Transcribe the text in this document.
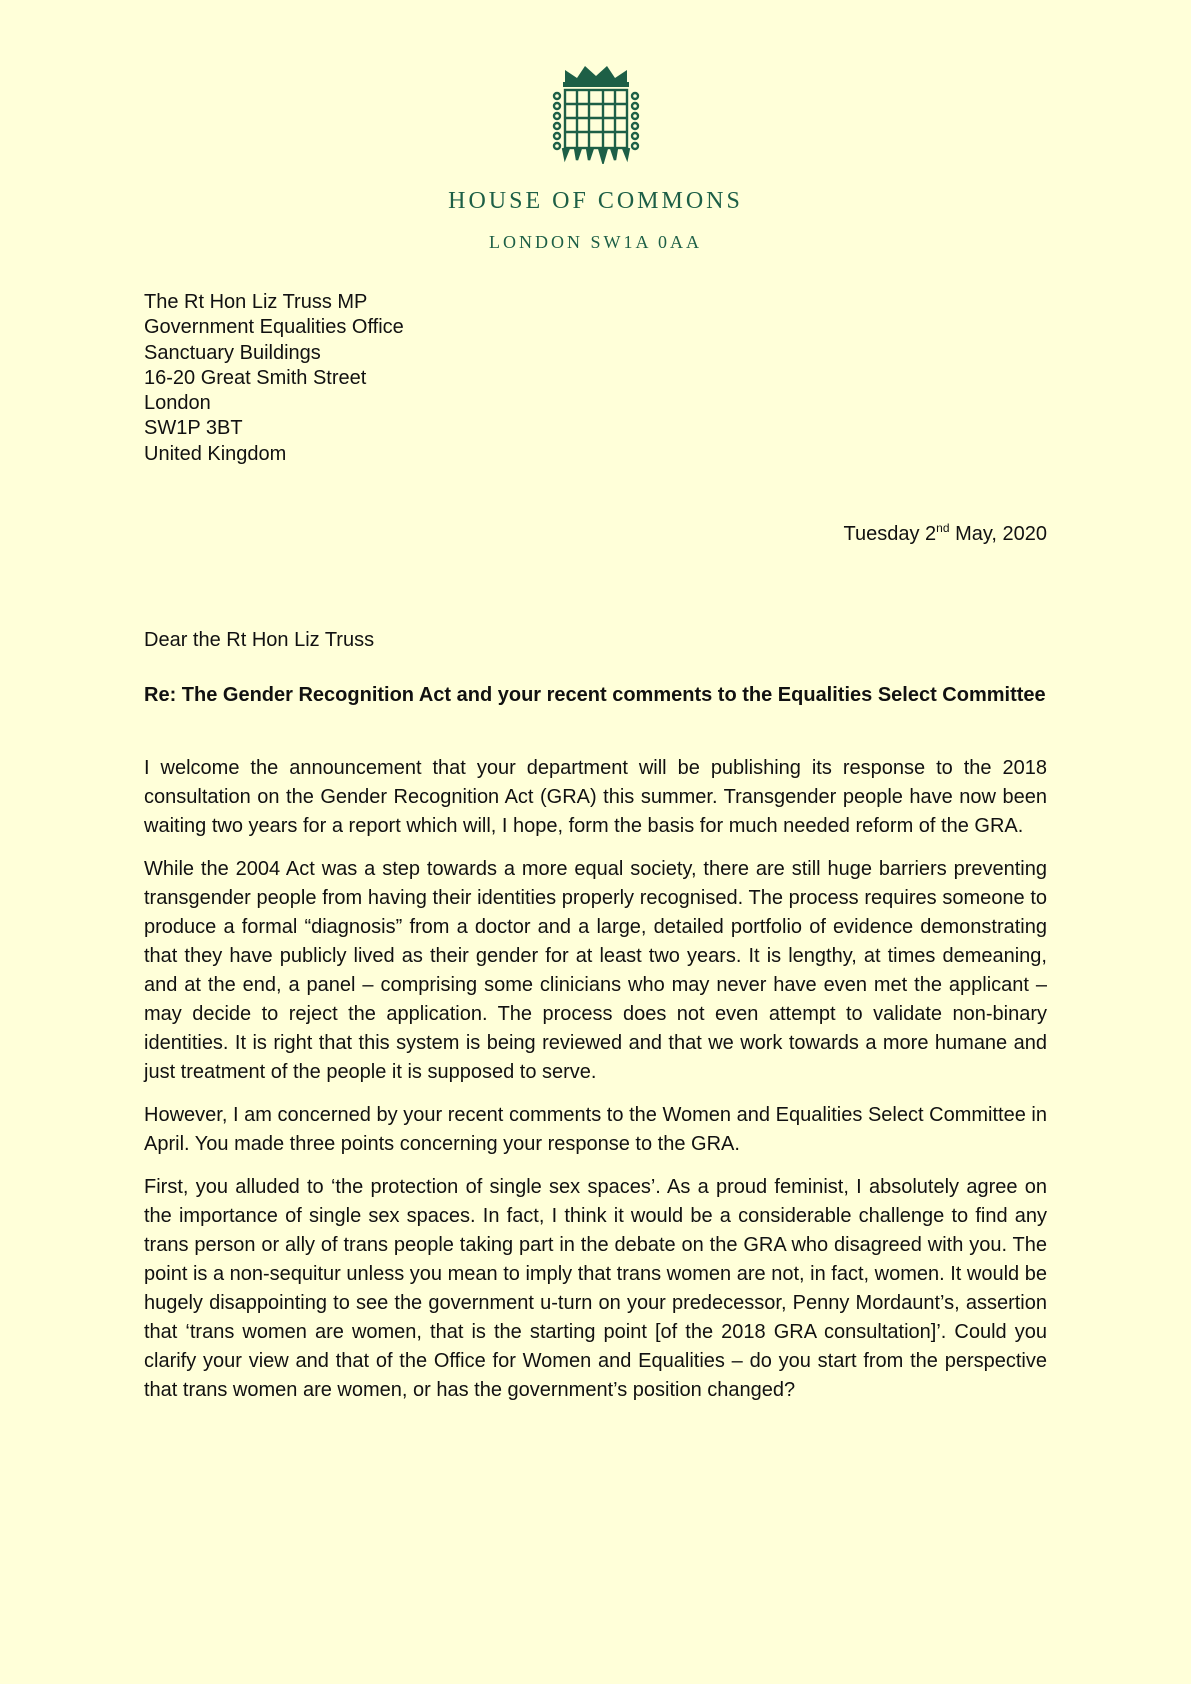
HOUSE OF COMMONS
LONDON SW1A 0AA
The Rt Hon Liz Truss MP
Government Equalities Office
Sanctuary Buildings
16-20 Great Smith Street
London
SW1P 3BT
United Kingdom
Tuesday 2nd May, 2020
Dear the Rt Hon Liz Truss
Re: The Gender Recognition Act and your recent comments to the Equalities Select Committee

I welcome the announcement that your department will be publishing its response to the 2018 consultation on the Gender Recognition Act (GRA) this summer. Transgender people have now been waiting two years for a report which will, I hope, form the basis for much needed reform of the GRA.

While the 2004 Act was a step towards a more equal society, there are still huge barriers preventing transgender people from having their identities properly recognised. The process requires someone to produce a formal “diagnosis” from a doctor and a large, detailed portfolio of evidence demonstrating that they have publicly lived as their gender for at least two years. It is lengthy, at times demeaning, and at the end, a panel – comprising some clinicians who may never have even met the applicant – may decide to reject the application. The process does not even attempt to validate non-binary identities. It is right that this system is being reviewed and that we work towards a more humane and just treatment of the people it is supposed to serve.

However, I am concerned by your recent comments to the Women and Equalities Select Committee in April. You made three points concerning your response to the GRA.

First, you alluded to ‘the protection of single sex spaces’. As a proud feminist, I absolutely agree on the importance of single sex spaces. In fact, I think it would be a considerable challenge to find any trans person or ally of trans people taking part in the debate on the GRA who disagreed with you. The point is a non-sequitur unless you mean to imply that trans women are not, in fact, women. It would be hugely disappointing to see the government u-turn on your predecessor, Penny Mordaunt’s, assertion that ‘trans women are women, that is the starting point [of the 2018 GRA consultation]’. Could you clarify your view and that of the Office for Women and Equalities – do you start from the perspective that trans women are women, or has the government’s position changed?
